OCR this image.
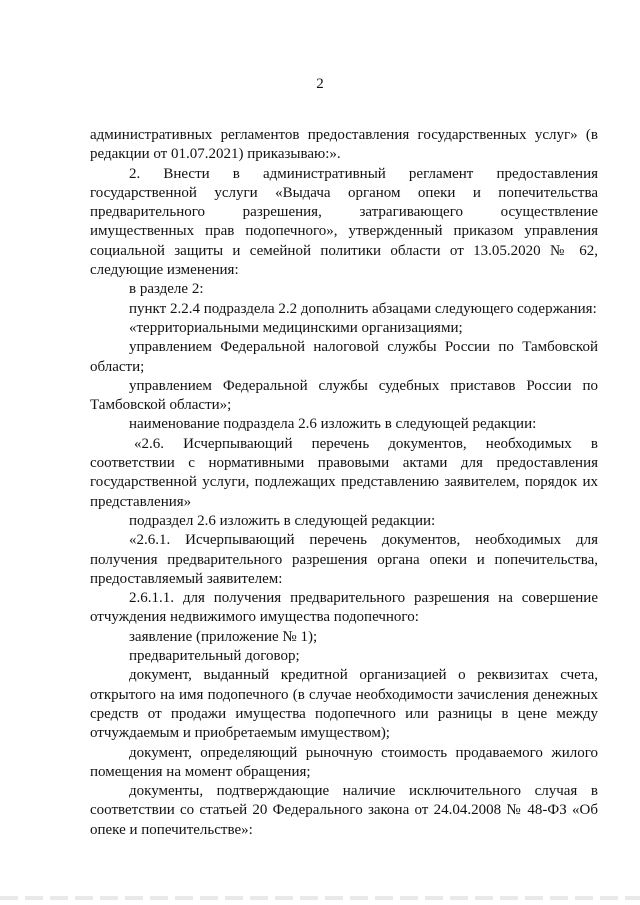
2

административных регламентов предоставления государственных услуг» (в редакции от 01.07.2021) приказываю:».

2. Внести в административный регламент предоставления государственной услуги «Выдача органом опеки и попечительства предварительного разрешения, затрагивающего осуществление имущественных прав подопечного», утвержденный приказом управления социальной защиты и семейной политики области от 13.05.2020 № 62, следующие изменения:

в разделе 2:

пункт 2.2.4 подраздела 2.2 дополнить абзацами следующего содержания:

«территориальными медицинскими организациями;

управлением Федеральной налоговой службы России по Тамбовской области;

управлением Федеральной службы судебных приставов России по Тамбовской области»;

наименование подраздела 2.6 изложить в следующей редакции:

«2.6. Исчерпывающий перечень документов, необходимых в соответствии с нормативными правовыми актами для предоставления государственной услуги, подлежащих представлению заявителем, порядок их представления»

подраздел 2.6 изложить в следующей редакции:

«2.6.1. Исчерпывающий перечень документов, необходимых для получения предварительного разрешения органа опеки и попечительства, предоставляемый заявителем:

2.6.1.1. для получения предварительного разрешения на совершение отчуждения недвижимого имущества подопечного:

заявление (приложение № 1);

предварительный договор;

документ, выданный кредитной организацией о реквизитах счета, открытого на имя подопечного (в случае необходимости зачисления денежных средств от продажи имущества подопечного или разницы в цене между отчуждаемым и приобретаемым имуществом);

документ, определяющий рыночную стоимость продаваемого жилого помещения на момент обращения;

документы, подтверждающие наличие исключительного случая в соответствии со статьей 20 Федерального закона от 24.04.2008 № 48-ФЗ «Об опеке и попечительстве»:
